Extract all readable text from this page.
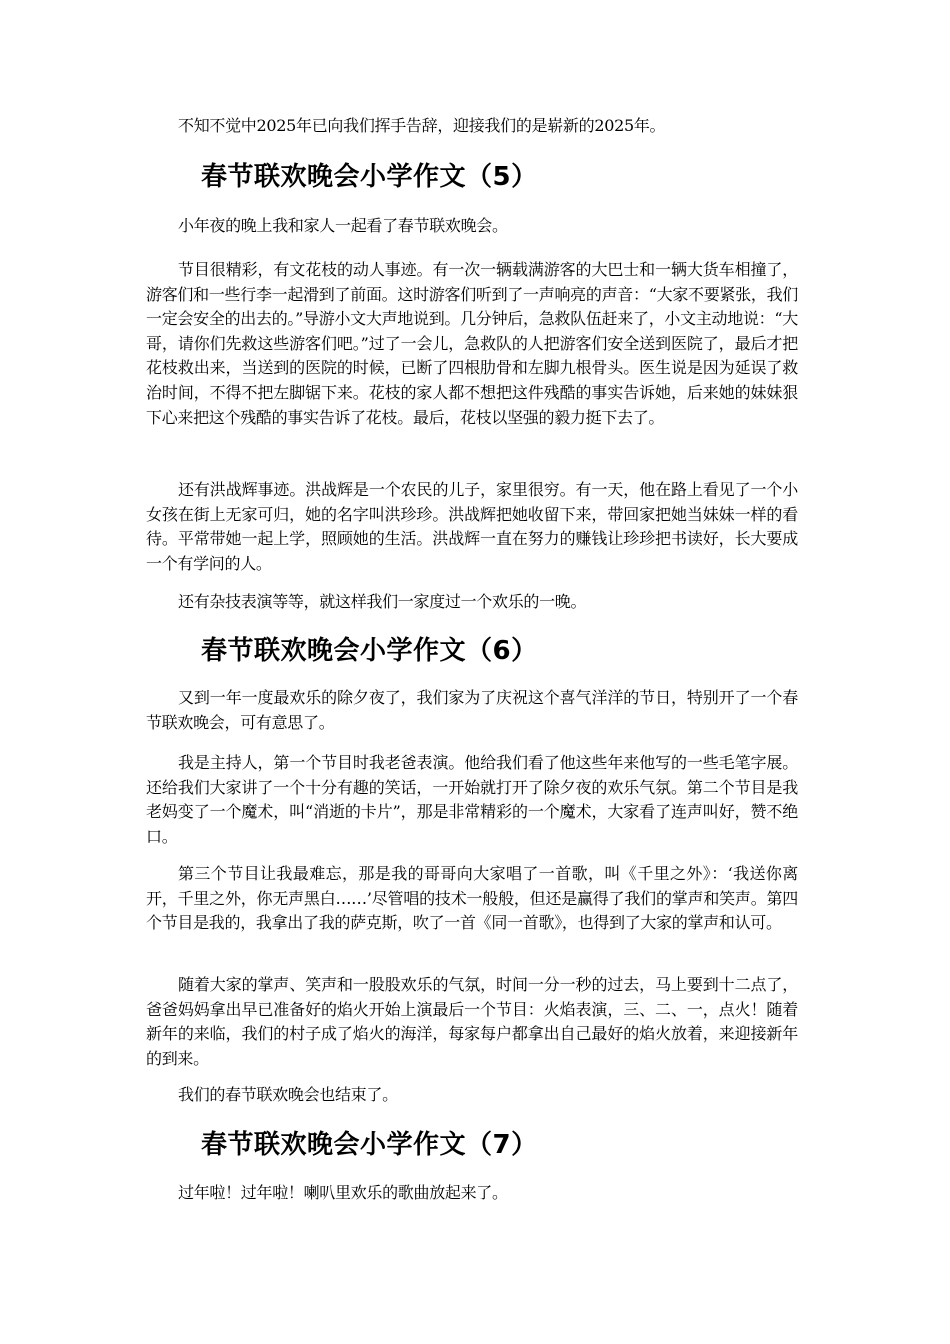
不知不觉中2025年已向我们挥手告辞，迎接我们的是崭新的2025年。

春节联欢晚会小学作文（5）

小年夜的晚上我和家人一起看了春节联欢晚会。

节目很精彩，有文花枝的动人事迹。有一次一辆载满游客的大巴士和一辆大货车相撞了，游客们和一些行李一起滑到了前面。这时游客们听到了一声响亮的声音：“大家不要紧张，我们一定会安全的出去的。”导游小文大声地说到。几分钟后，急救队伍赶来了，小文主动地说：“大哥，请你们先救这些游客们吧。”过了一会儿，急救队的人把游客们安全送到医院了，最后才把花枝救出来，当送到的医院的时候，已断了四根肋骨和左脚九根骨头。医生说是因为延误了救治时间，不得不把左脚锯下来。花枝的家人都不想把这件残酷的事实告诉她，后来她的妹妹狠下心来把这个残酷的事实告诉了花枝。最后，花枝以坚强的毅力挺下去了。

还有洪战辉事迹。洪战辉是一个农民的儿子，家里很穷。有一天，他在路上看见了一个小女孩在街上无家可归，她的名字叫洪珍珍。洪战辉把她收留下来，带回家把她当妹妹一样的看待。平常带她一起上学，照顾她的生活。洪战辉一直在努力的赚钱让珍珍把书读好，长大要成一个有学问的人。

还有杂技表演等等，就这样我们一家度过一个欢乐的一晚。

春节联欢晚会小学作文（6）

又到一年一度最欢乐的除夕夜了，我们家为了庆祝这个喜气洋洋的节日，特别开了一个春节联欢晚会，可有意思了。

我是主持人，第一个节目时我老爸表演。他给我们看了他这些年来他写的一些毛笔字展。还给我们大家讲了一个十分有趣的笑话，一开始就打开了除夕夜的欢乐气氛。第二个节目是我老妈变了一个魔术，叫“消逝的卡片”，那是非常精彩的一个魔术，大家看了连声叫好，赞不绝口。

第三个节目让我最难忘，那是我的哥哥向大家唱了一首歌，叫《千里之外》：‘我送你离开，千里之外，你无声黑白……’尽管唱的技术一般般，但还是赢得了我们的掌声和笑声。第四个节目是我的，我拿出了我的萨克斯，吹了一首《同一首歌》，也得到了大家的掌声和认可。

随着大家的掌声、笑声和一股股欢乐的气氛，时间一分一秒的过去，马上要到十二点了，爸爸妈妈拿出早已准备好的焰火开始上演最后一个节目：火焰表演，三、二、一，点火！随着新年的来临，我们的村子成了焰火的海洋，每家每户都拿出自己最好的焰火放着，来迎接新年的到来。

我们的春节联欢晚会也结束了。

春节联欢晚会小学作文（7）

过年啦！过年啦！喇叭里欢乐的歌曲放起来了。
